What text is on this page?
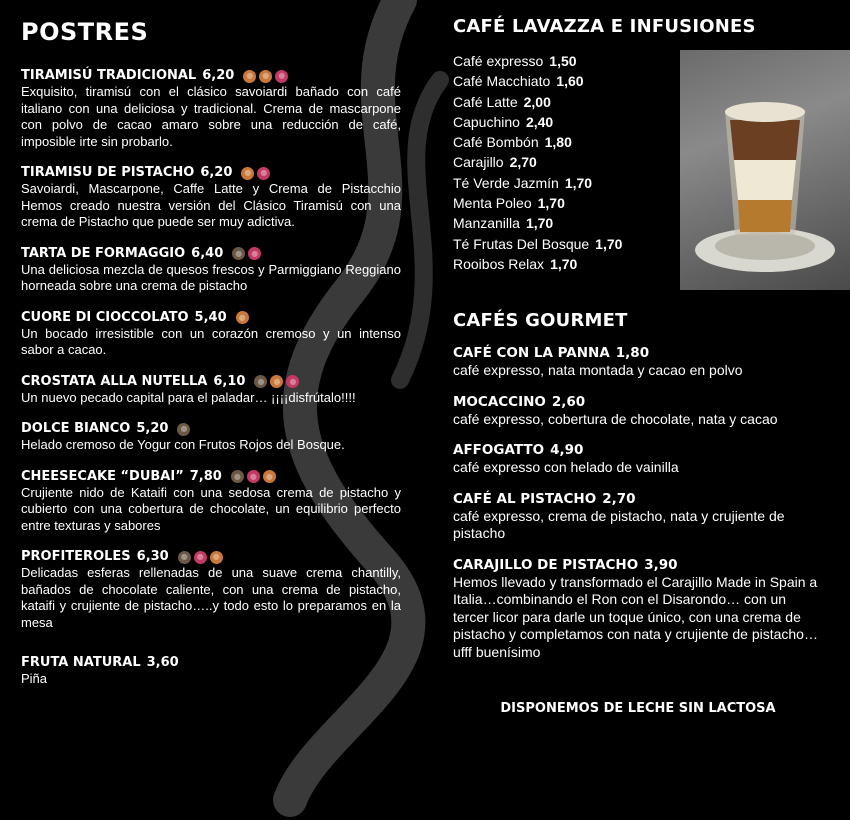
POSTRES
TIRAMISÚ TRADICIONAL 6,20	●	●	●
Exquisito, tiramisú con el clásico savoiardi bañado con café italiano con una deliciosa y tradicional. Crema de mascarpone con polvo de cacao amaro sobre una reducción de café, imposible irte sin probarlo.
TIRAMISU DE PISTACHO 6,20	●	●
Savoiardi, Mascarpone, Caffe Latte y Crema de Pistacchio Hemos creado nuestra versión del Clásico Tiramisú con una crema de Pistacho que puede ser muy adictiva.
TARTA DE FORMAGGIO 6,40	●	●
Una deliciosa mezcla de quesos frescos y Parmiggiano Reggiano horneada sobre una crema de pistacho
CUORE DI CIOCCOLATO 5,40	●
Un bocado irresistible con un corazón cremoso y un intenso sabor a cacao.
CROSTATA ALLA NUTELLA 6,10	●	●	●
Un nuevo pecado capital para el paladar… ¡¡¡¡disfrútalo!!!!
DOLCE BIANCO 5,20	●
Helado cremoso de Yogur con Frutos Rojos del Bosque.
CHEESECAKE “DUBAI” 7,80	●	●	●
Crujiente nido de Kataifi con una sedosa crema de pistacho y cubierto con una cobertura de chocolate, un equilibrio perfecto entre texturas y sabores
PROFITEROLES 6,30	●	●	●
Delicadas esferas rellenadas de una suave crema chantilly, bañados de chocolate caliente, con una crema de pistacho, kataifi y crujiente de pistacho…..y todo esto lo preparamos en la mesa
FRUTA NATURAL 3,60
Piña
CAFÉ LAVAZZA E INFUSIONES
Café expresso 1,50
Café Macchiato 1,60
Café Latte 2,00
Capuchino 2,40
Café Bombón 1,80
Carajillo 2,70
Té Verde Jazmín 1,70
Menta Poleo 1,70
Manzanilla 1,70
Té Frutas Del Bosque 1,70
Rooibos Relax 1,70
CAFÉS GOURMET
CAFÉ CON LA PANNA 1,80
café expresso, nata montada y cacao en polvo
MOCACCINO 2,60
café expresso, cobertura de chocolate, nata y cacao
AFFOGATTO 4,90
café expresso con helado de vainilla
CAFÉ AL PISTACHO 2,70
café expresso, crema de pistacho, nata y crujiente de pistacho
CARAJILLO DE PISTACHO 3,90
Hemos llevado y transformado el Carajillo Made in Spain a Italia…combinando el Ron con el Disarondo… con un tercer licor para darle un toque único, con una crema de pistacho y completamos con nata y crujiente de pistacho…ufff buenísimo
DISPONEMOS DE LECHE SIN LACTOSA
